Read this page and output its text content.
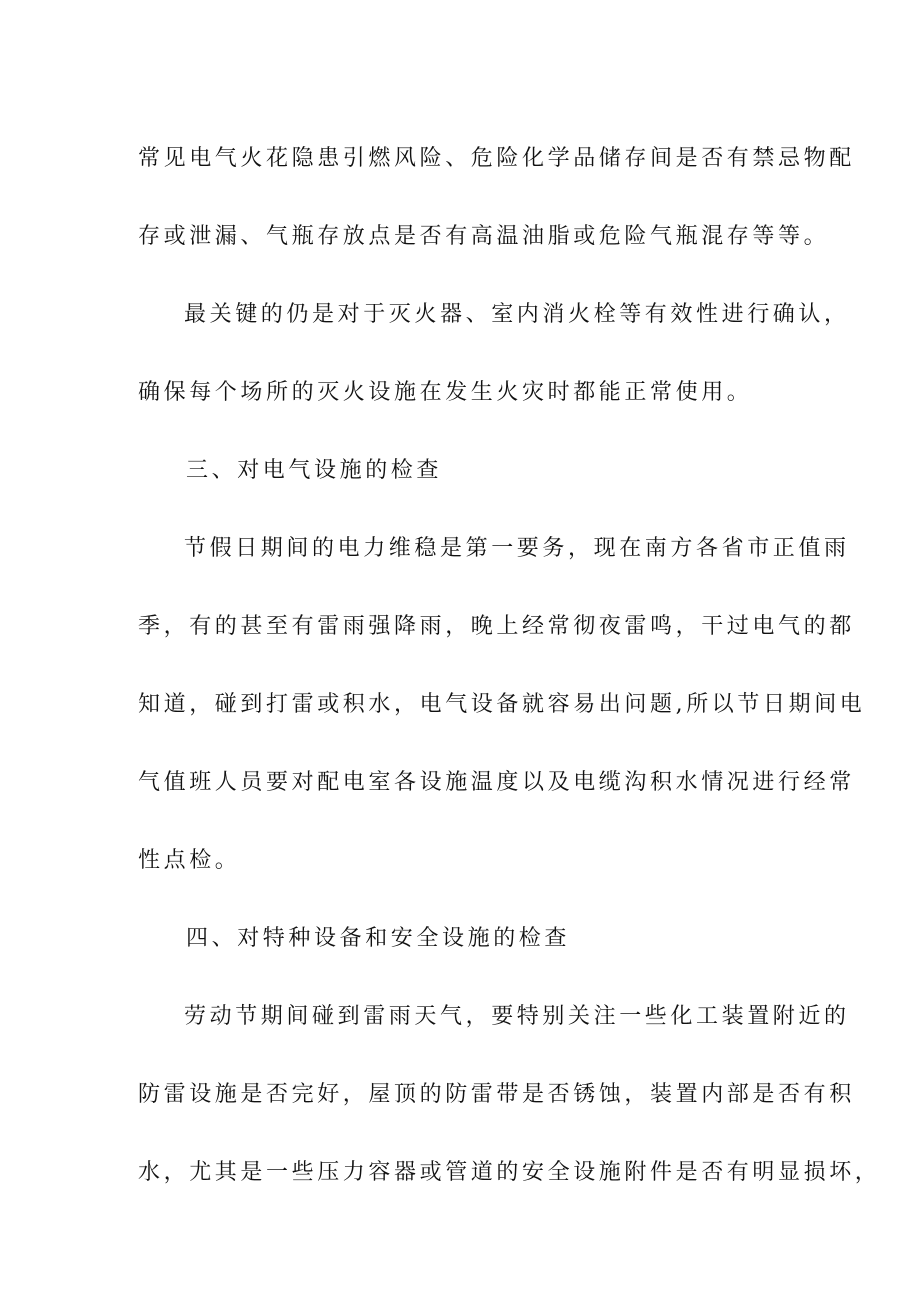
常见电气火花隐患引燃风险、危险化学品储存间是否有禁忌物配
存或泄漏、气瓶存放点是否有高温油脂或危险气瓶混存等等。
最关键的仍是对于灭火器、室内消火栓等有效性进行确认，
确保每个场所的灭火设施在发生火灾时都能正常使用。
三、对电气设施的检查
节假日期间的电力维稳是第一要务，现在南方各省市正值雨
季，有的甚至有雷雨强降雨，晚上经常彻夜雷鸣，干过电气的都
知道，碰到打雷或积水，电气设备就容易出问题,所以节日期间电
气值班人员要对配电室各设施温度以及电缆沟积水情况进行经常
性点检。
四、对特种设备和安全设施的检查
劳动节期间碰到雷雨天气，要特别关注一些化工装置附近的
防雷设施是否完好，屋顶的防雷带是否锈蚀，装置内部是否有积
水，尤其是一些压力容器或管道的安全设施附件是否有明显损坏，
